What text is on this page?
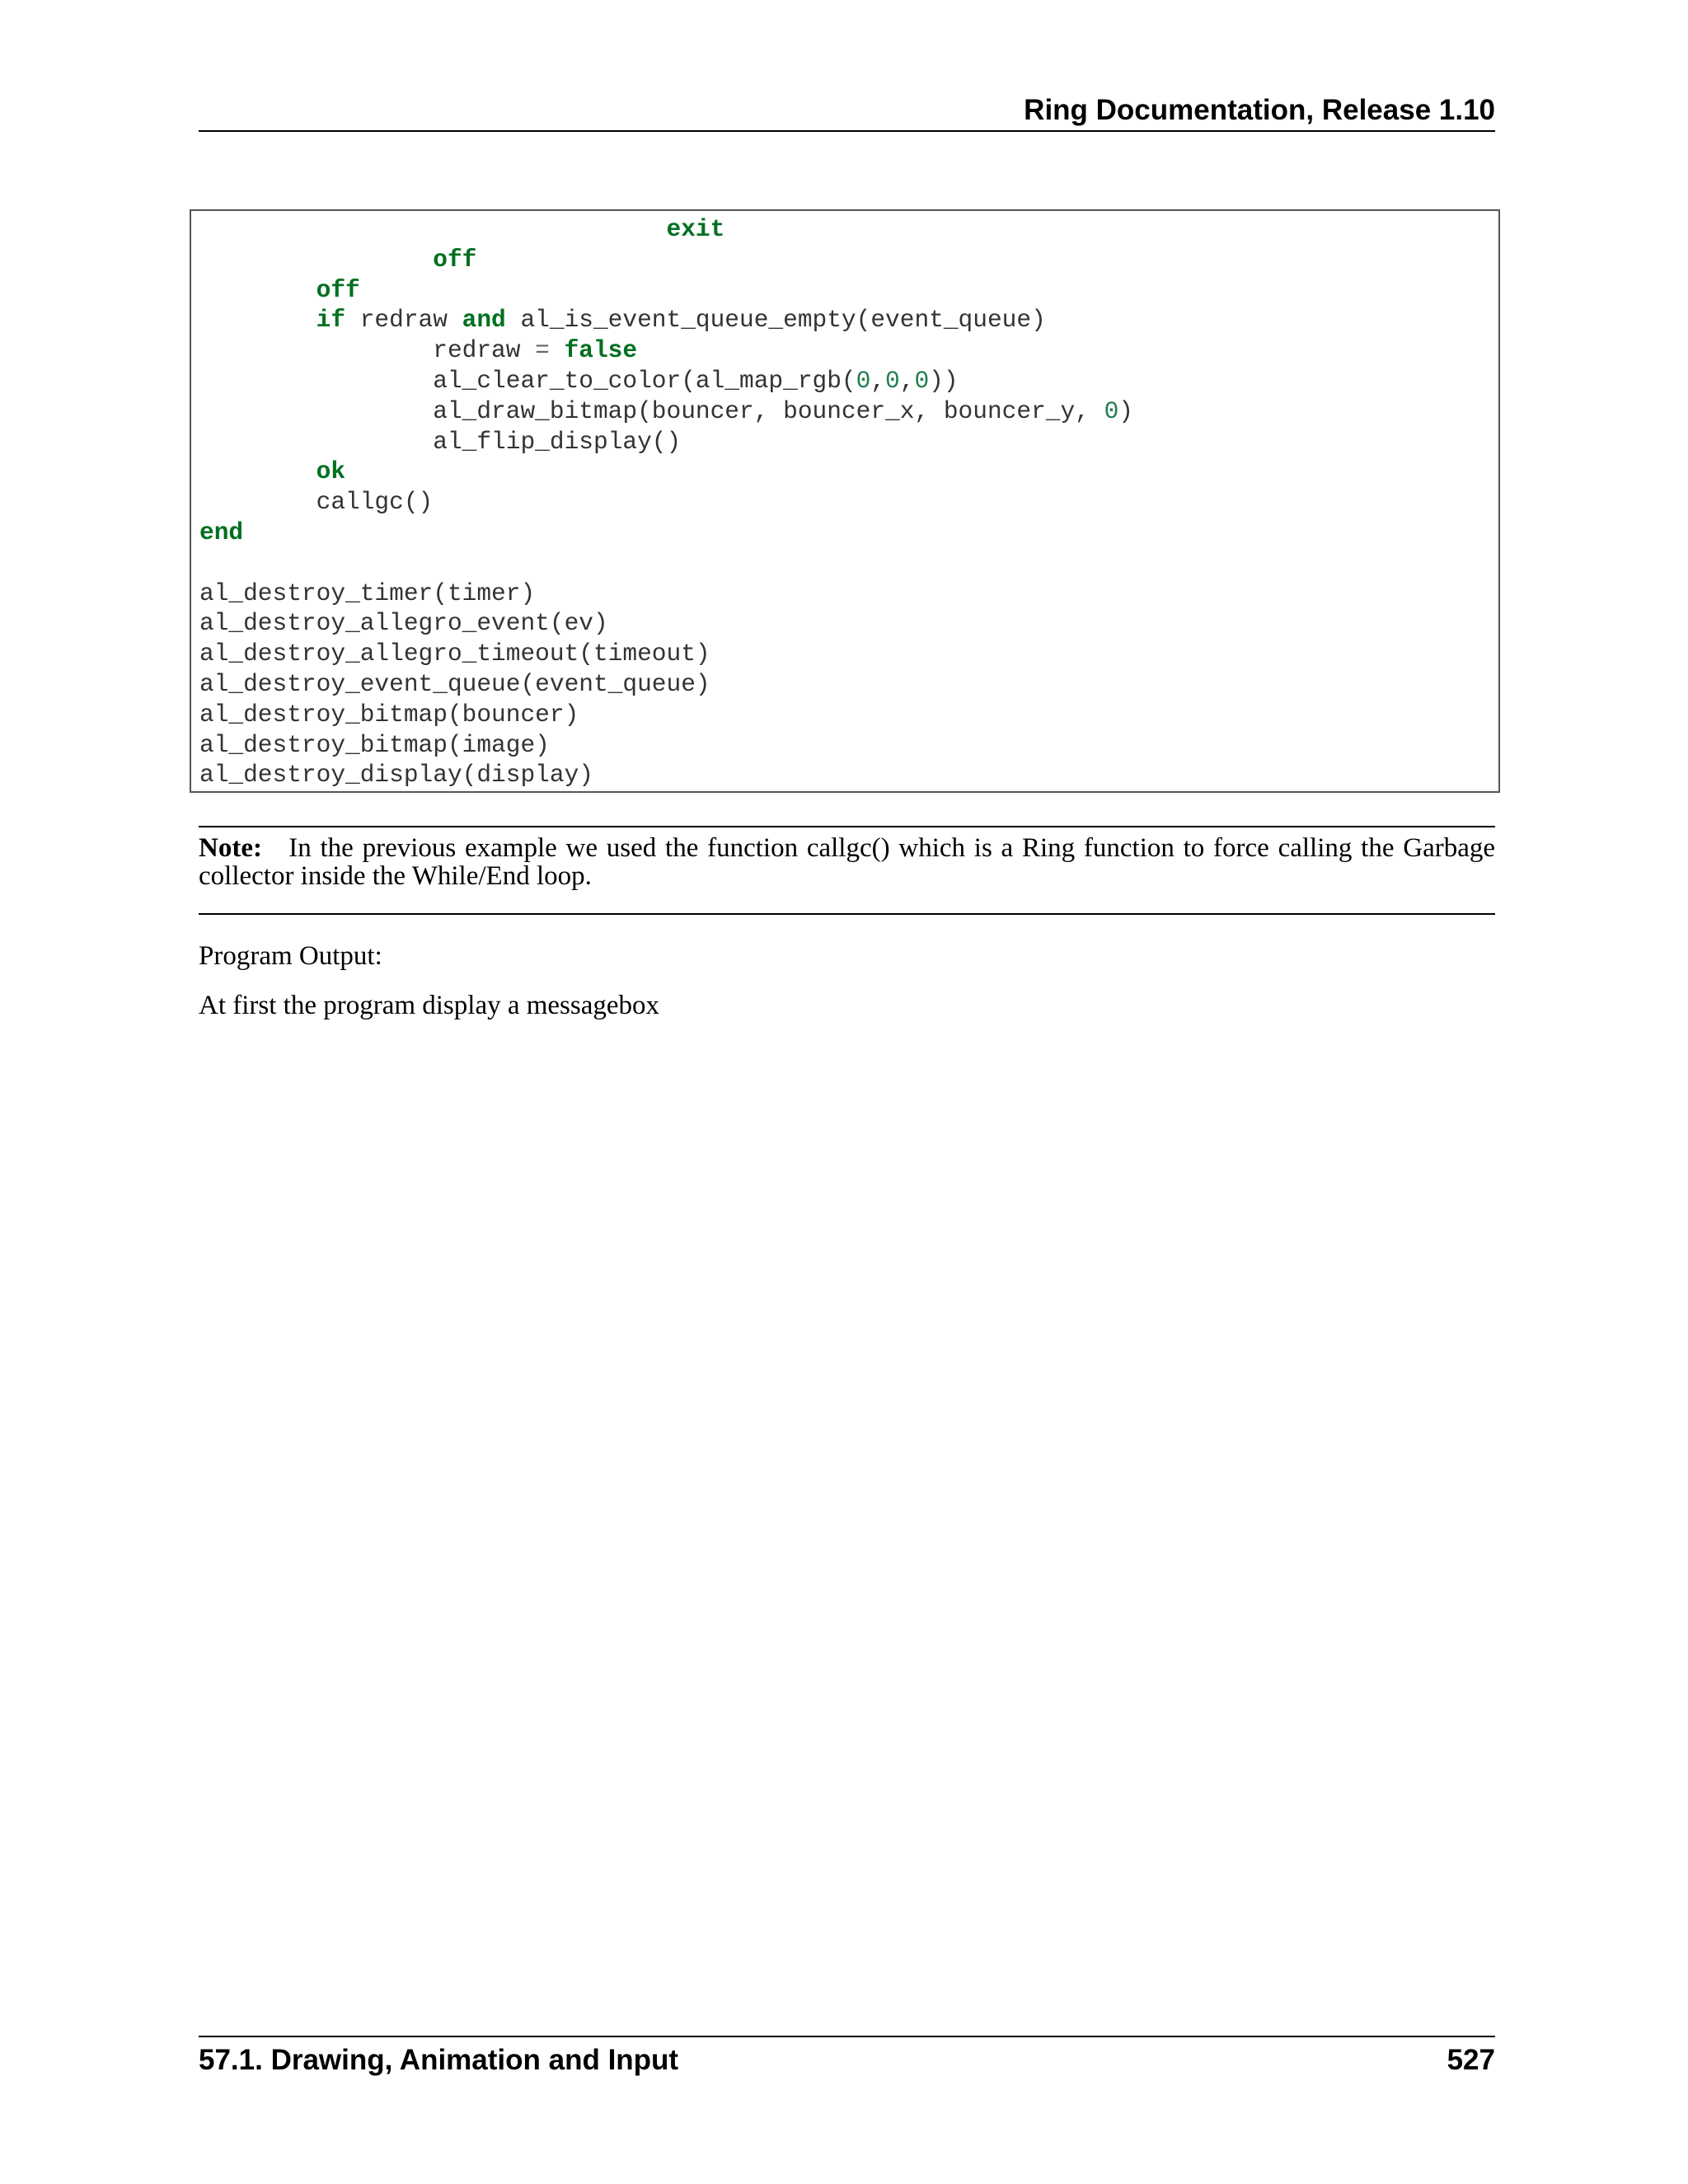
Ring Documentation, Release 1.10
exit
off
off
if redraw and al_is_event_queue_empty(event_queue)
redraw = false
al_clear_to_color(al_map_rgb(0,0,0))
al_draw_bitmap(bouncer, bouncer_x, bouncer_y, 0)
al_flip_display()
ok
callgc()
end
al_destroy_timer(timer)
al_destroy_allegro_event(ev)
al_destroy_allegro_timeout(timeout)
al_destroy_event_queue(event_queue)
al_destroy_bitmap(bouncer)
al_destroy_bitmap(image)
al_destroy_display(display)
Note: In the previous example we used the function callgc() which is a Ring function to force calling the Garbage collector inside the While/End loop.
Program Output:
At first the program display a messagebox
57.1. Drawing, Animation and Input	527
